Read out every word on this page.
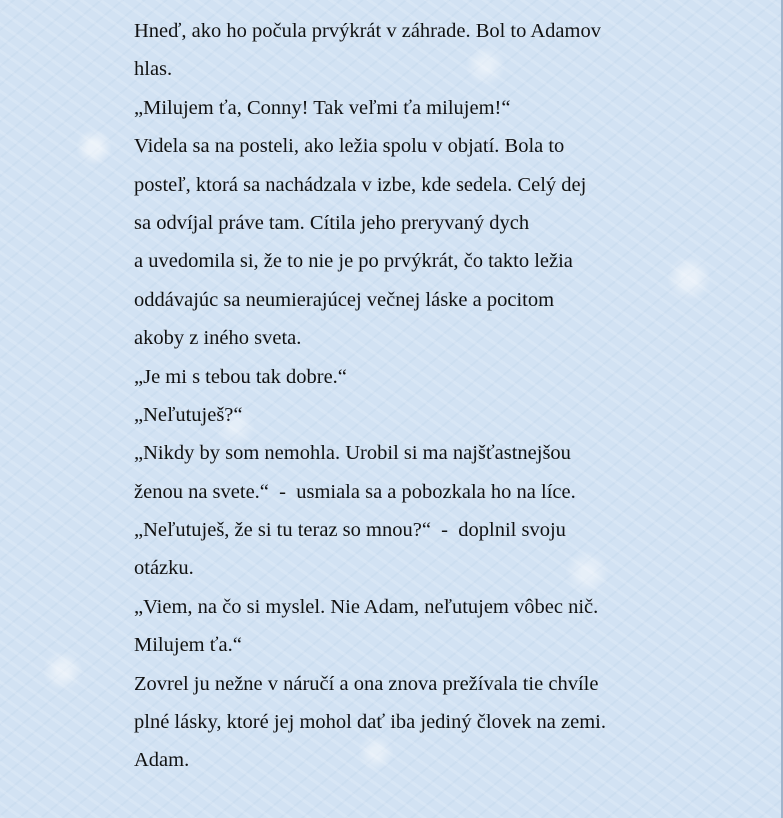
Hneď, ako ho počula prvýkrát v záhrade. Bol to Adamov
hlas.
„Milujem ťa, Conny! Tak veľmi ťa milujem!“
Videla sa na posteli, ako ležia spolu v objatí. Bola to
posteľ, ktorá sa nachádzala v izbe, kde sedela. Celý dej
sa odvíjal práve tam. Cítila jeho preryvaný dych
a uvedomila si, že to nie je po prvýkrát, čo takto ležia
oddávajúc sa neumierajúcej večnej láske a pocitom
akoby z iného sveta.
„Je mi s tebou tak dobre.“
„Neľutuješ?“
„Nikdy by som nemohla. Urobil si ma najšťastnejšou
ženou na svete.“  -  usmiala sa a pobozkala ho na líce.
„Neľutuješ, že si tu teraz so mnou?“  -  doplnil svoju
otázku.
„Viem, na čo si myslel. Nie Adam, neľutujem vôbec nič.
Milujem ťa.“
Zovrel ju nežne v náručí a ona znova prežívala tie chvíle
plné lásky, ktoré jej mohol dať iba jediný človek na zemi.
Adam.
